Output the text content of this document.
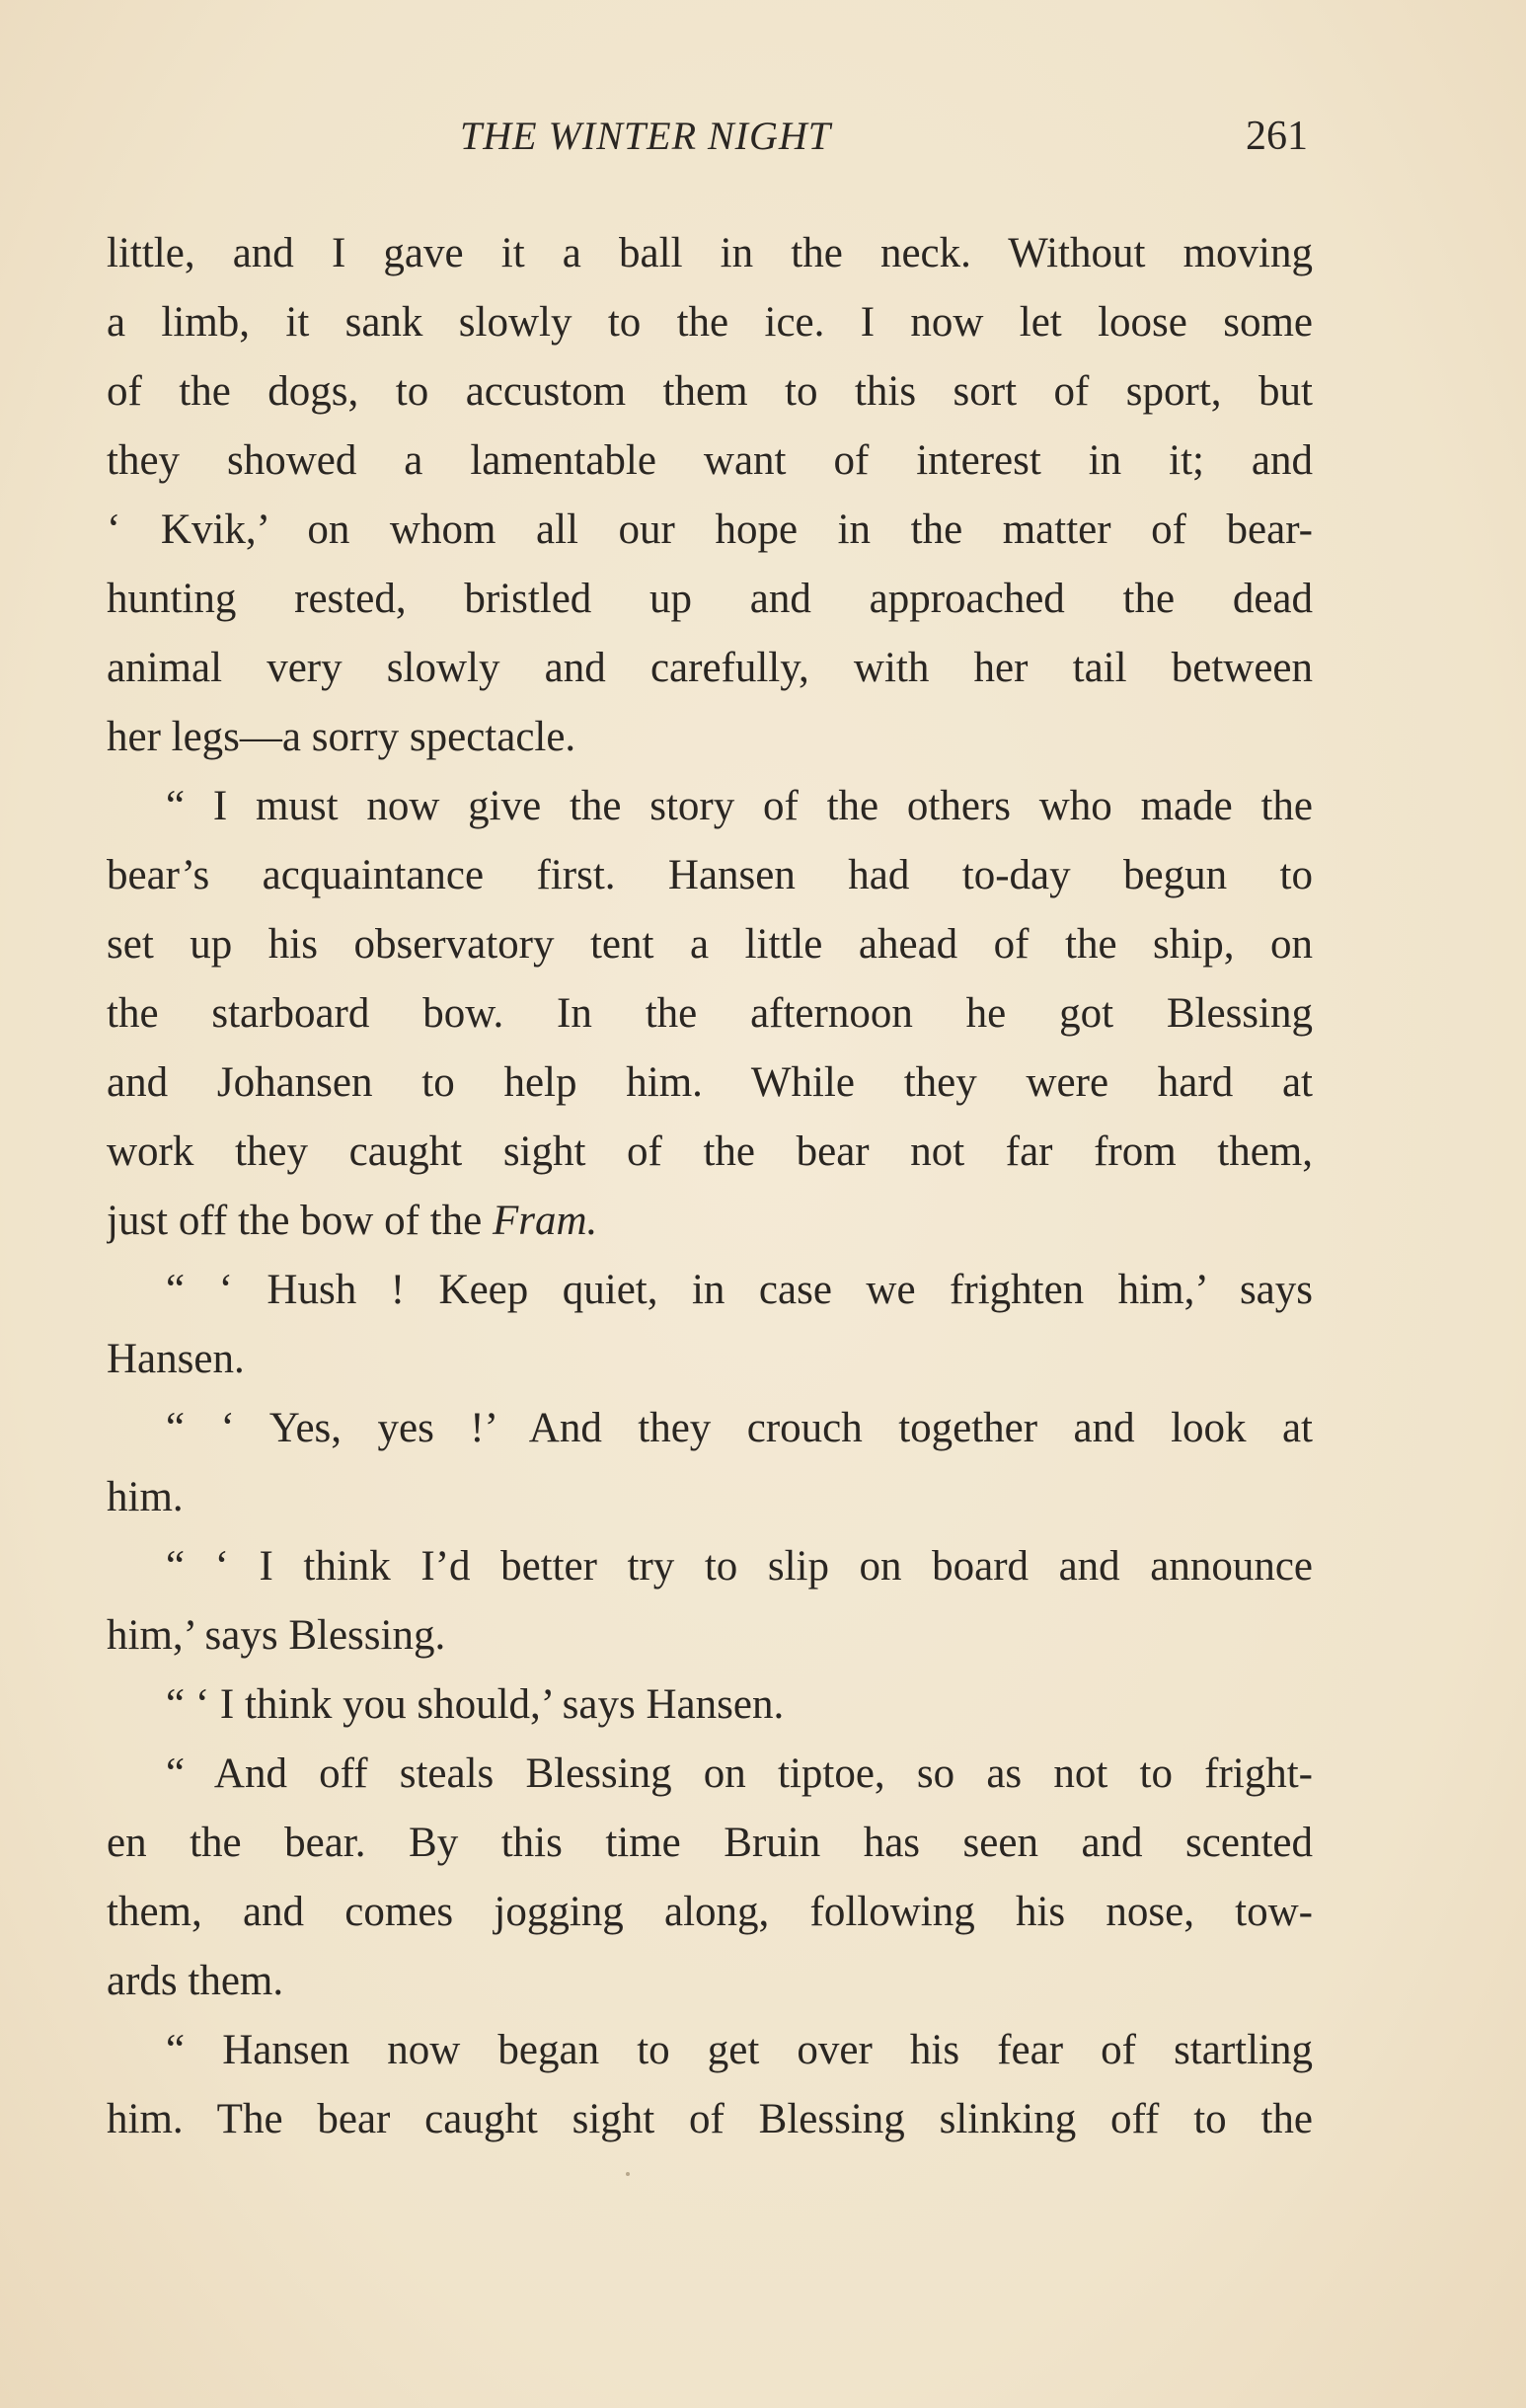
THE WINTER NIGHT	261
little, and I gave it a ball in the neck. Without moving
a limb, it sank slowly to the ice. I now let loose some
of the dogs, to accustom them to this sort of sport, but
they showed a lamentable want of interest in it; and
‘ Kvik,’ on whom all our hope in the matter of bear-
hunting rested, bristled up and approached the dead
animal very slowly and carefully, with her tail between
her legs—a sorry spectacle.
“ I must now give the story of the others who made the
bear’s acquaintance first. Hansen had to-day begun to
set up his observatory tent a little ahead of the ship, on
the starboard bow. In the afternoon he got Blessing
and Johansen to help him. While they were hard at
work they caught sight of the bear not far from them,
just off the bow of the Fram.
“ ‘ Hush ! Keep quiet, in case we frighten him,’ says
Hansen.
“ ‘ Yes, yes !’ And they crouch together and look at
him.
“ ‘ I think I’d better try to slip on board and announce
him,’ says Blessing.
“ ‘ I think you should,’ says Hansen.
“ And off steals Blessing on tiptoe, so as not to fright-
en the bear. By this time Bruin has seen and scented
them, and comes jogging along, following his nose, tow-
ards them.
“ Hansen now began to get over his fear of startling
him. The bear caught sight of Blessing slinking off to the
